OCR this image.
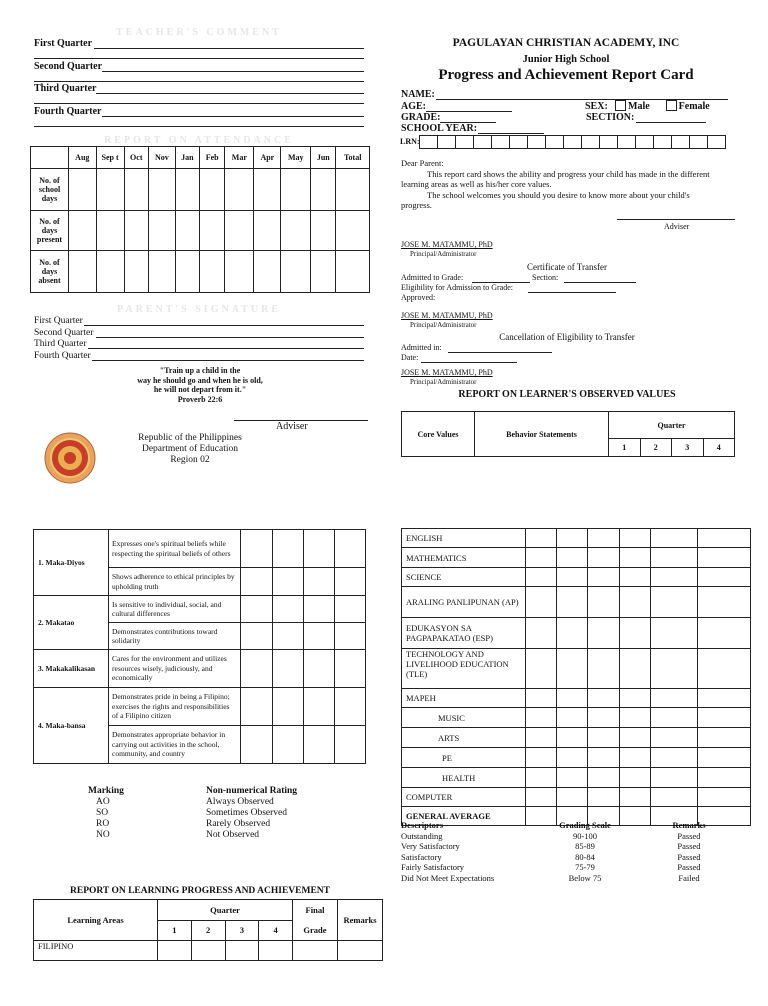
TEACHER'S COMMENT
First Quarter
Second Quarter
Third Quarter
Fourth Quarter
REPORT ON ATTENDANCE
	Aug	Sep t	Oct	Nov	Jan	Feb	Mar	Apr	May	Jun	Total
No. of school days											
No. of days present											
No. of days absent											
PARENT'S SIGNATURE
First Quarter
Second Quarter
Third Quarter
Fourth Quarter
"Train up a child in the
way he should go and when he is old,
he will not depart from it."
Proverb 22:6
Adviser
Republic of the Philippines
Department of Education
Region 02
PAGULAYAN CHRISTIAN ACADEMY, INC
Junior High School
Progress and Achievement Report Card
NAME:
AGE:	SEX:	Male	Female
GRADE:	SECTION:
SCHOOL YEAR:
LRN:

Dear Parent:
This report card shows the ability and progress your child has made in the different
learning areas as well as his/her core values.
The school welcomes you should you desire to know more about your child's
progress.
Adviser
JOSE M. MATAMMU, PhD
Principal/Administrator
Certificate of Transfer
Admitted to Grade:	Section:
Eligibility for Admission to Grade:
Approved:
JOSE M. MATAMMU, PhD
Principal/Administrator
Cancellation of Eligibility to Transfer
Admitted in:
Date:
JOSE M. MATAMMU, PhD
Principal/Administrator
REPORT ON LEARNER'S OBSERVED VALUES
Core Values	Behavior Statements	Quarter			
		1	2	3	4
1. Maka-Diyos	Expresses one's spiritual beliefs while respecting the spiritual beliefs of others				
	Shows adherence to ethical principles by upholding truth				
2. Makatao	Is sensitive to individual, social, and cultural differences				
	Demonstrates contributions toward solidarity				
3. Makakalikasan	Cares for the environment and utilizes resources wisely, judiciously, and economically				
4. Maka-bansa	Demonstrates pride in being a Filipino; exercises the rights and responsibilities of a Filipino citizen				
	Demonstrates appropriate behavior in carrying out activities in the school, community, and country				
Marking	Non-numerical Rating
AO	Always Observed
SO	Sometimes Observed
RO	Rarely Observed
NO	Not Observed
REPORT ON LEARNING PROGRESS AND ACHIEVEMENT
Learning Areas	Quarter				Final
Grade	Remarks
	1	2	3	4		
FILIPINO						
ENGLISH						
MATHEMATICS						
SCIENCE						
ARALING PANLIPUNAN (AP)						
EDUKASYON SA PAGPAPAKATAO (ESP)						
TECHNOLOGY AND LIVELIHOOD EDUCATION (TLE)						
MAPEH						
MUSIC						
ARTS						
PE						
HEALTH						
COMPUTER						
GENERAL AVERAGE						
Descriptors	Grading Scale	Remarks
Outstanding	90-100	Passed
Very Satisfactory	85-89	Passed
Satisfactory	80-84	Passed
Fairly Satisfactory	75-79	Passed
Did Not Meet Expectations	Below 75	Failed
